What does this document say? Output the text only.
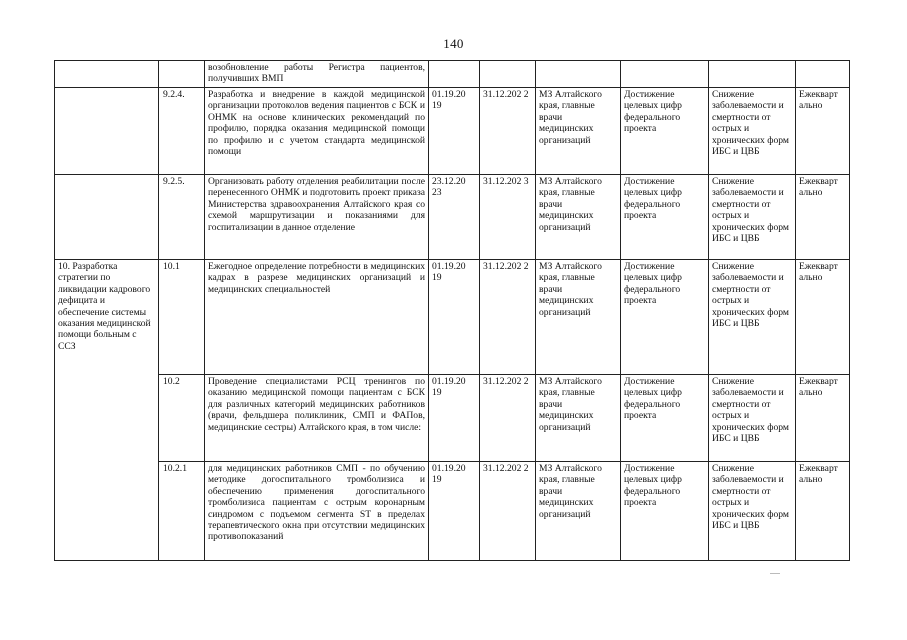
140
		возобновление работы Регистра пациентов, получивших ВМП						
	9.2.4.	Разработка и внедрение в каждой медицинской организации протоколов ведения пациентов с БСК и ОНМК на основе клинических рекомендаций по профилю, порядка оказания медицинской помощи по профилю и с учетом стандарта медицинской помощи	01.19.20 19	31.12.202 2	МЗ Алтайского края, главные врачи медицинских организаций	Достижение целевых цифр федерального проекта	Снижение заболеваемости и смертности от острых и хронических форм ИБС и ЦВБ	Ежекварт ально
	9.2.5.	Организовать работу отделения реабилитации после перенесенного ОНМК и подготовить проект приказа Министерства здравоохранения Алтайского края со схемой маршрутизации и показаниями для госпитализации в данное отделение	23.12.20 23	31.12.202 3	МЗ Алтайского края, главные врачи медицинских организаций	Достижение целевых цифр федерального проекта	Снижение заболеваемости и смертности от острых и хронических форм ИБС и ЦВБ	Ежекварт ально
10. Разработка стратегии по ликвидации кадрового дефицита и обеспечение системы оказания медицинской помощи больным с ССЗ	10.1	Ежегодное определение потребности в медицинских кадрах в разрезе медицинских организаций и медицинских специальностей	01.19.20 19	31.12.202 2	МЗ Алтайского края, главные врачи медицинских организаций	Достижение целевых цифр федерального проекта	Снижение заболеваемости и смертности от острых и хронических форм ИБС и ЦВБ	Ежекварт ально
	10.2	Проведение специалистами РСЦ тренингов по оказанию медицинской помощи пациентам с БСК для различных категорий медицинских работников (врачи, фельдшера поликлиник, СМП и ФАПов, медицинские сестры) Алтайского края, в том числе:	01.19.20 19	31.12.202 2	МЗ Алтайского края, главные врачи медицинских организаций	Достижение целевых цифр федерального проекта	Снижение заболеваемости и смертности от острых и хронических форм ИБС и ЦВБ	Ежекварт ально
	10.2.1	для медицинских работников СМП - по обучению методике догоспитального тромболизиса и обеспечению применения догоспитального тромболизиса пациентам с острым коронарным синдромом с подъемом сегмента ST в пределах терапевтического окна при отсутствии медицинских противопоказаний	01.19.20 19	31.12.202 2	МЗ Алтайского края, главные врачи медицинских организаций	Достижение целевых цифр федерального проекта	Снижение заболеваемости и смертности от острых и хронических форм ИБС и ЦВБ	Ежекварт ально
